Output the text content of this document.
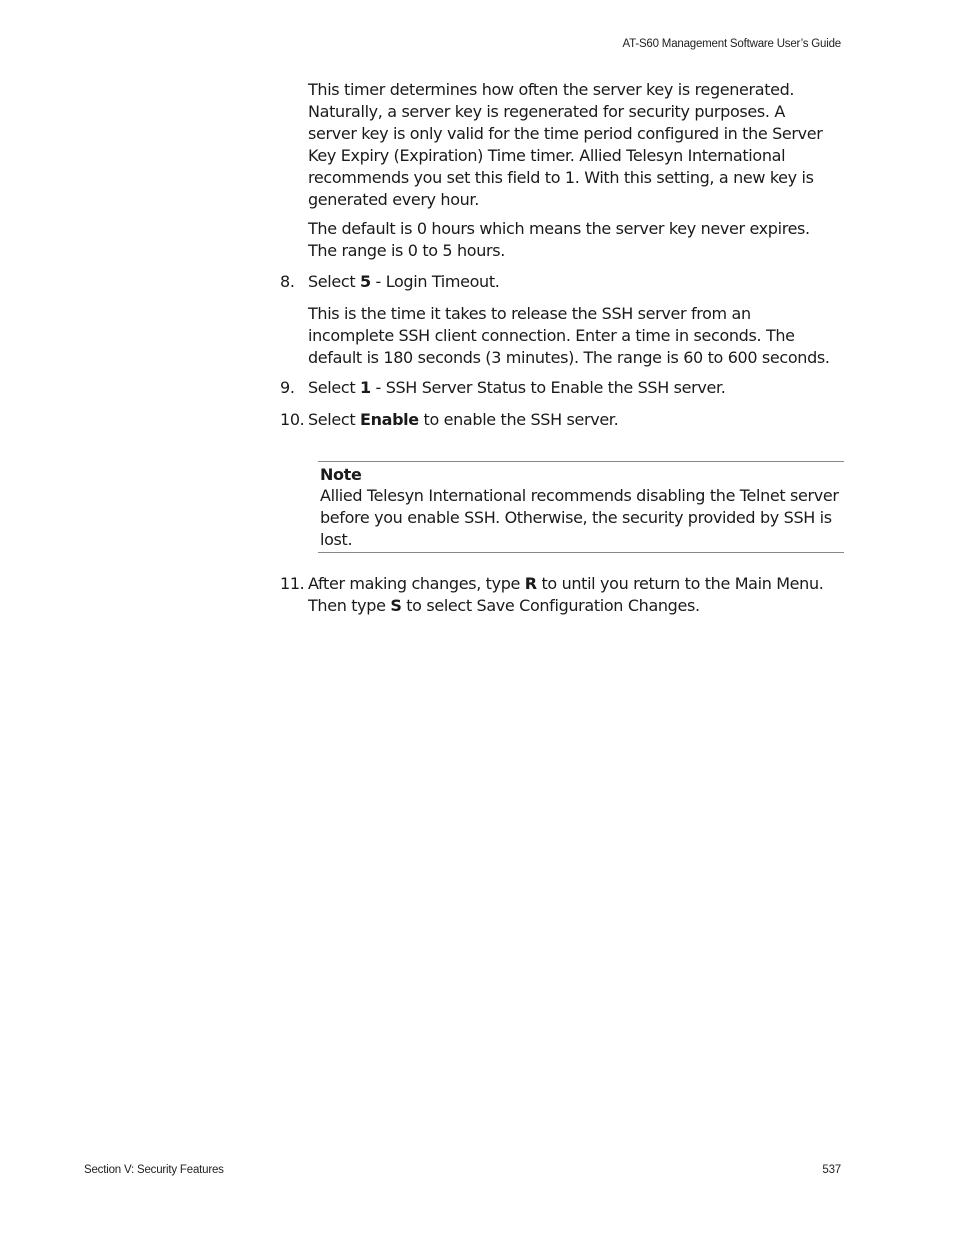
AT-S60 Management Software User’s Guide

This timer determines how often the server key is regenerated.
Naturally, a server key is regenerated for security purposes. A
server key is only valid for the time period configured in the Server
Key Expiry (Expiration) Time timer. Allied Telesyn International
recommends you set this field to 1. With this setting, a new key is
generated every hour.

The default is 0 hours which means the server key never expires.
The range is 0 to 5 hours.

8. Select 5 - Login Timeout.

This is the time it takes to release the SSH server from an
incomplete SSH client connection. Enter a time in seconds. The
default is 180 seconds (3 minutes). The range is 60 to 600 seconds.

9. Select 1 - SSH Server Status to Enable the SSH server.

10. Select Enable to enable the SSH server.

Note
Allied Telesyn International recommends disabling the Telnet server
before you enable SSH. Otherwise, the security provided by SSH is
lost.

11. After making changes, type R to until you return to the Main Menu.
Then type S to select Save Configuration Changes.

Section V: Security Features	537
